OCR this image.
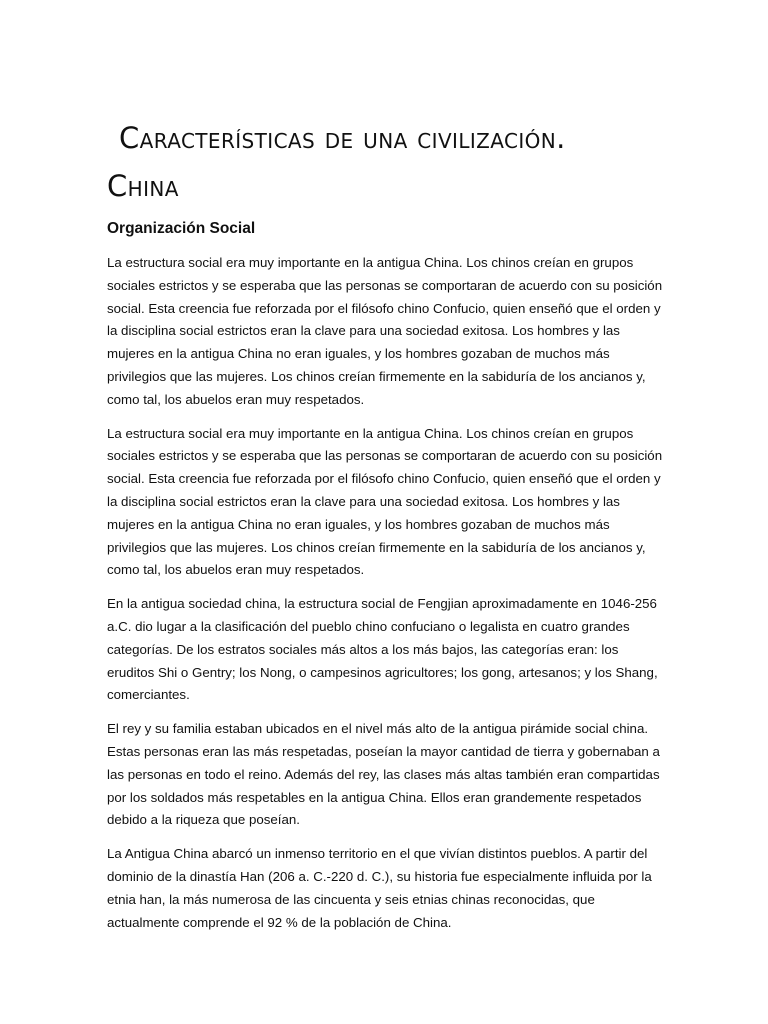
Características de una civilización.
China
Organización Social

La estructura social era muy importante en la antigua China. Los chinos creían en grupos sociales estrictos y se esperaba que las personas se comportaran de acuerdo con su posición social. Esta creencia fue reforzada por el filósofo chino Confucio, quien enseñó que el orden y la disciplina social estrictos eran la clave para una sociedad exitosa. Los hombres y las mujeres en la antigua China no eran iguales, y los hombres gozaban de muchos más privilegios que las mujeres. Los chinos creían firmemente en la sabiduría de los ancianos y, como tal, los abuelos eran muy respetados.

La estructura social era muy importante en la antigua China. Los chinos creían en grupos sociales estrictos y se esperaba que las personas se comportaran de acuerdo con su posición social. Esta creencia fue reforzada por el filósofo chino Confucio, quien enseñó que el orden y la disciplina social estrictos eran la clave para una sociedad exitosa. Los hombres y las mujeres en la antigua China no eran iguales, y los hombres gozaban de muchos más privilegios que las mujeres. Los chinos creían firmemente en la sabiduría de los ancianos y, como tal, los abuelos eran muy respetados.

En la antigua sociedad china, la estructura social de Fengjian aproximadamente en 1046-256 a.C. dio lugar a la clasificación del pueblo chino confuciano o legalista en cuatro grandes categorías. De los estratos sociales más altos a los más bajos, las categorías eran: los eruditos Shi o Gentry; los Nong, o campesinos agricultores; los gong, artesanos; y los Shang, comerciantes.

El rey y su familia estaban ubicados en el nivel más alto de la antigua pirámide social china. Estas personas eran las más respetadas, poseían la mayor cantidad de tierra y gobernaban a las personas en todo el reino. Además del rey, las clases más altas también eran compartidas por los soldados más respetables en la antigua China. Ellos eran grandemente respetados debido a la riqueza que poseían.

La Antigua China abarcó un inmenso territorio en el que vivían distintos pueblos. A partir del dominio de la dinastía Han (206 a. C.-220 d. C.), su historia fue especialmente influida por la etnia han, la más numerosa de las cincuenta y seis etnias chinas reconocidas, que actualmente comprende el 92 % de la población de China.
